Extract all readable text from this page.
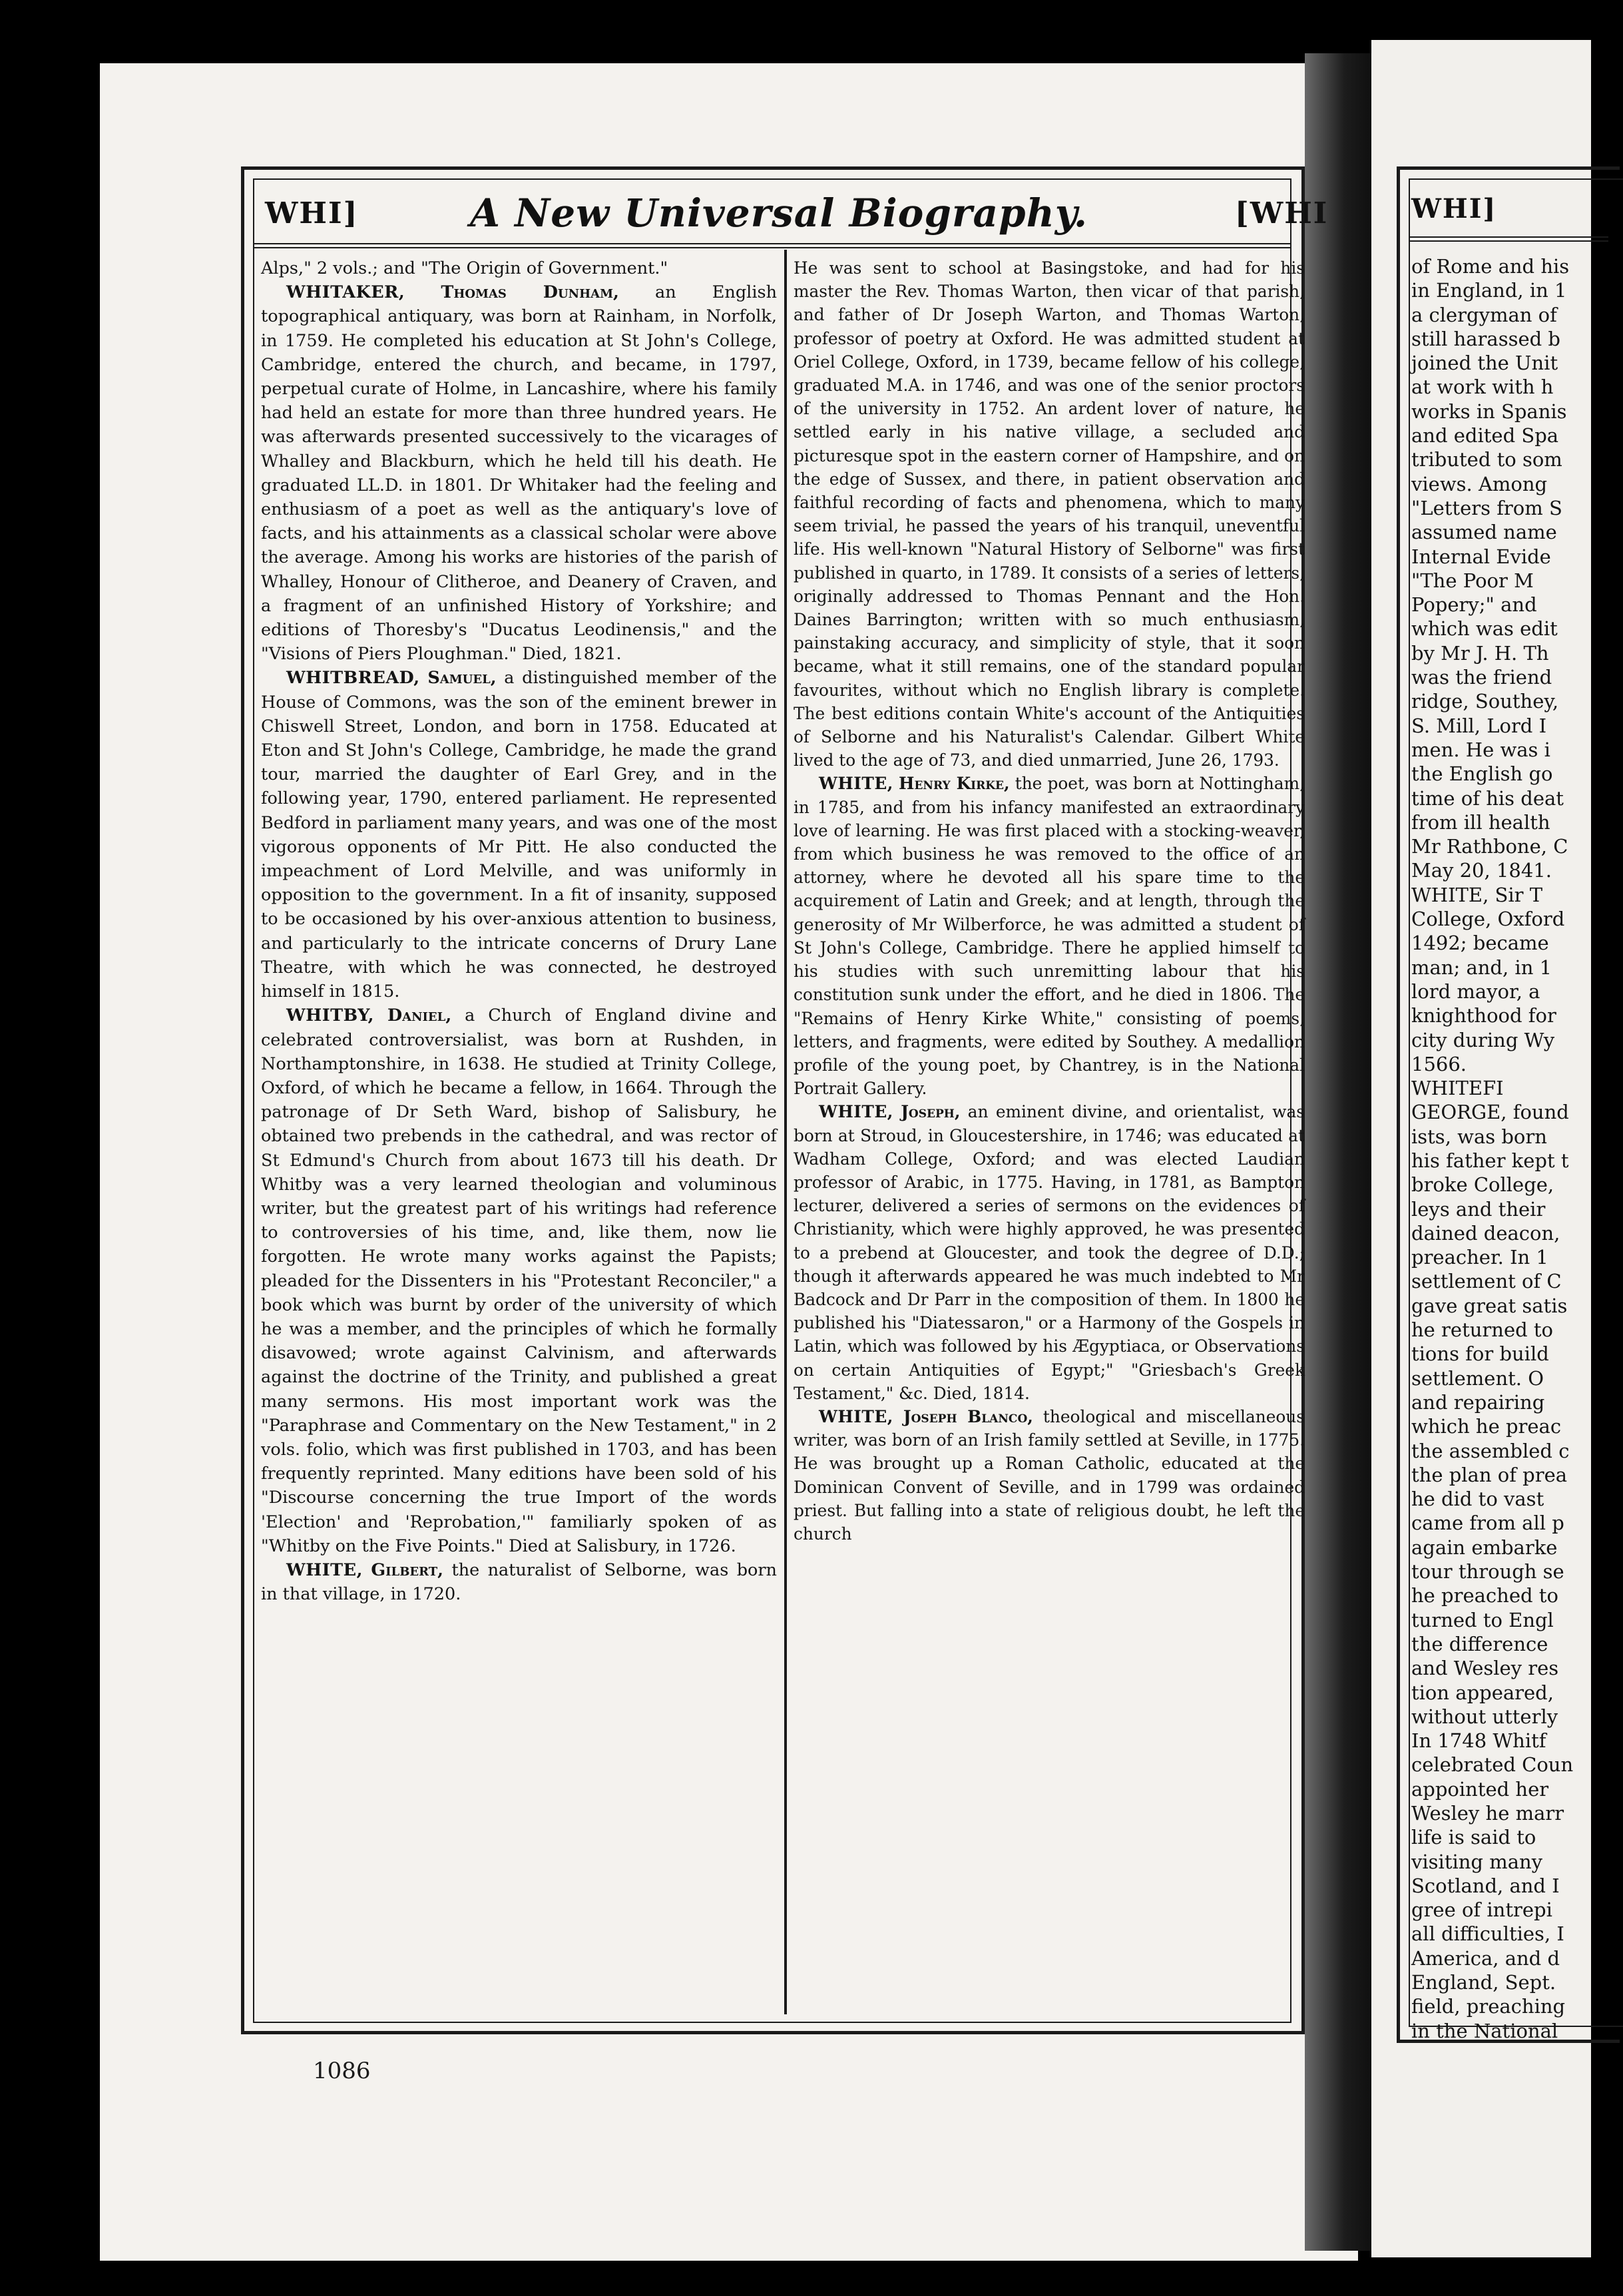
WHI]	A New Universal Biography.	[WHI

Alps," 2 vols.; and "The Origin of Government."

WHITAKER, Thomas Dunham, an English topographical antiquary, was born at Rainham, in Norfolk, in 1759. He completed his education at St John's College, Cambridge, entered the church, and became, in 1797, perpetual curate of Holme, in Lancashire, where his family had held an estate for more than three hundred years. He was afterwards presented successively to the vicarages of Whalley and Blackburn, which he held till his death. He graduated LL.D. in 1801. Dr Whitaker had the feeling and enthusiasm of a poet as well as the antiquary's love of facts, and his attainments as a classical scholar were above the average. Among his works are histories of the parish of Whalley, Honour of Clitheroe, and Deanery of Craven, and a fragment of an unfinished History of Yorkshire; and editions of Thoresby's "Ducatus Leodinensis," and the "Visions of Piers Ploughman." Died, 1821.

WHITBREAD, Samuel, a distinguished member of the House of Commons, was the son of the eminent brewer in Chiswell Street, London, and born in 1758. Educated at Eton and St John's College, Cambridge, he made the grand tour, married the daughter of Earl Grey, and in the following year, 1790, entered parliament. He represented Bedford in parliament many years, and was one of the most vigorous opponents of Mr Pitt. He also conducted the impeachment of Lord Melville, and was uniformly in opposition to the government. In a fit of insanity, supposed to be occasioned by his over-anxious attention to business, and particularly to the intricate concerns of Drury Lane Theatre, with which he was connected, he destroyed himself in 1815.

WHITBY, Daniel, a Church of England divine and celebrated controversialist, was born at Rushden, in Northamptonshire, in 1638. He studied at Trinity College, Oxford, of which he became a fellow, in 1664. Through the patronage of Dr Seth Ward, bishop of Salisbury, he obtained two prebends in the cathedral, and was rector of St Edmund's Church from about 1673 till his death. Dr Whitby was a very learned theologian and voluminous writer, but the greatest part of his writings had reference to controversies of his time, and, like them, now lie forgotten. He wrote many works against the Papists; pleaded for the Dissenters in his "Protestant Reconciler," a book which was burnt by order of the university of which he was a member, and the principles of which he formally disavowed; wrote against Calvinism, and afterwards against the doctrine of the Trinity, and published a great many sermons. His most important work was the "Paraphrase and Commentary on the New Testament," in 2 vols. folio, which was first published in 1703, and has been frequently reprinted. Many editions have been sold of his "Discourse concerning the true Import of the words 'Election' and 'Reprobation,'" familiarly spoken of as "Whitby on the Five Points." Died at Salisbury, in 1726.

WHITE, Gilbert, the naturalist of Selborne, was born in that village, in 1720.

He was sent to school at Basingstoke, and had for his master the Rev. Thomas Warton, then vicar of that parish, and father of Dr Joseph Warton, and Thomas Warton, professor of poetry at Oxford. He was admitted student at Oriel College, Oxford, in 1739, became fellow of his college, graduated M.A. in 1746, and was one of the senior proctors of the university in 1752. An ardent lover of nature, he settled early in his native village, a secluded and picturesque spot in the eastern corner of Hampshire, and on the edge of Sussex, and there, in patient observation and faithful recording of facts and phenomena, which to many seem trivial, he passed the years of his tranquil, uneventful life. His well-known "Natural History of Selborne" was first published in quarto, in 1789. It consists of a series of letters, originally addressed to Thomas Pennant and the Hon. Daines Barrington; written with so much enthusiasm, painstaking accuracy, and simplicity of style, that it soon became, what it still remains, one of the standard popular favourites, without which no English library is complete. The best editions contain White's account of the Antiquities of Selborne and his Naturalist's Calendar. Gilbert White lived to the age of 73, and died unmarried, June 26, 1793.

WHITE, Henry Kirke, the poet, was born at Nottingham, in 1785, and from his infancy manifested an extraordinary love of learning. He was first placed with a stocking-weaver, from which business he was removed to the office of an attorney, where he devoted all his spare time to the acquirement of Latin and Greek; and at length, through the generosity of Mr Wilberforce, he was admitted a student of St John's College, Cambridge. There he applied himself to his studies with such unremitting labour that his constitution sunk under the effort, and he died in 1806. The "Remains of Henry Kirke White," consisting of poems, letters, and fragments, were edited by Southey. A medallion profile of the young poet, by Chantrey, is in the National Portrait Gallery.

WHITE, Joseph, an eminent divine, and orientalist, was born at Stroud, in Gloucestershire, in 1746; was educated at Wadham College, Oxford; and was elected Laudian professor of Arabic, in 1775. Having, in 1781, as Bampton lecturer, delivered a series of sermons on the evidences of Christianity, which were highly approved, he was presented to a prebend at Gloucester, and took the degree of D.D.; though it afterwards appeared he was much indebted to Mr Badcock and Dr Parr in the composition of them. In 1800 he published his "Diatessaron," or a Harmony of the Gospels in Latin, which was followed by his Ægyptiaca, or Observations on certain Antiquities of Egypt;" "Griesbach's Greek Testament," &c. Died, 1814.

WHITE, Joseph Blanco, theological and miscellaneous writer, was born of an Irish family settled at Seville, in 1775. He was brought up a Roman Catholic, educated at the Dominican Convent of Seville, and in 1799 was ordained priest. But falling into a state of religious doubt, he left the church

1086
WHI]
of Rome and his
in England, in 1
a clergyman of
still harassed b
joined the Unit
at work with h
works in Spanis
and edited Spa
tributed to som
views. Among
"Letters from S
assumed name
Internal Evide
"The Poor M
Popery;" and
which was edit
by Mr J. H. Th
was the friend
ridge, Southey,
S. Mill, Lord I
men. He was i
the English go
time of his deat
from ill health
Mr Rathbone, C
May 20, 1841.
WHITE, Sir T
College, Oxford
1492; became
man; and, in 1
lord mayor, a
knighthood for
city during Wy
1566.
WHITEFI
GEORGE, found
ists, was born
his father kept t
broke College,
leys and their
dained deacon,
preacher. In 1
settlement of C
gave great satis
he returned to
tions for build
settlement. O
and repairing
which he preac
the assembled c
the plan of prea
he did to vast
came from all p
again embarke
tour through se
he preached to
turned to Engl
the difference
and Wesley res
tion appeared,
without utterly
In 1748 Whitf
celebrated Coun
appointed her
Wesley he marr
life is said to
visiting many
Scotland, and I
gree of intrepi
all difficulties, I
America, and d
England, Sept.
field, preaching
in the National
